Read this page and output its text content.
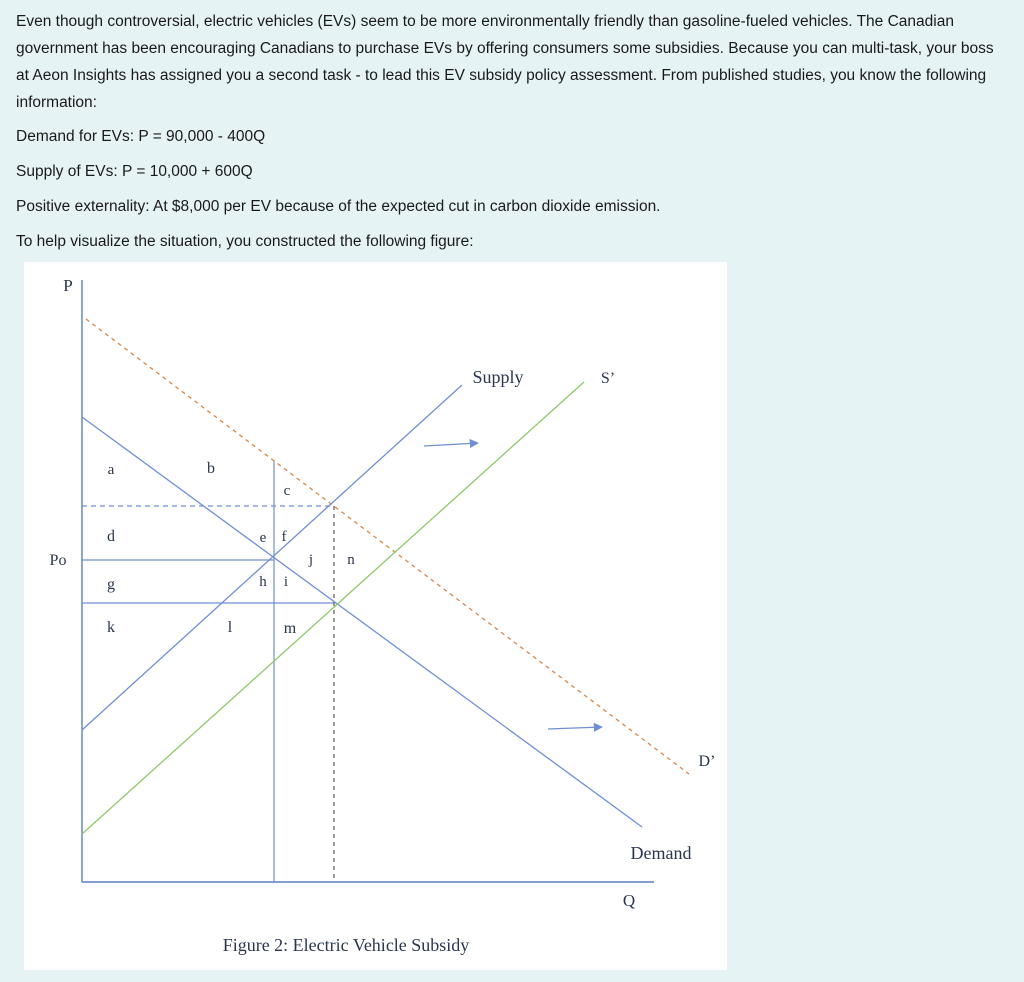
Even though controversial, electric vehicles (EVs) seem to be more environmentally friendly than gasoline-fueled vehicles. The Canadian government has been encouraging Canadians to purchase EVs by offering consumers some subsidies. Because you can multi-task, your boss at Aeon Insights has assigned you a second task - to lead this EV subsidy policy assessment. From published studies, you know the following information:

Demand for EVs: P = 90,000 - 400Q

Supply of EVs: P = 10,000 + 600Q

Positive externality: At $8,000 per EV because of the expected cut in carbon dioxide emission.

To help visualize the situation, you constructed the following figure:

P
Q
Po
Supply	S’
Demand
D’
a	b
c
d	e f
g	h i
j
k	l	m
n
Figure 2: Electric Vehicle Subsidy
